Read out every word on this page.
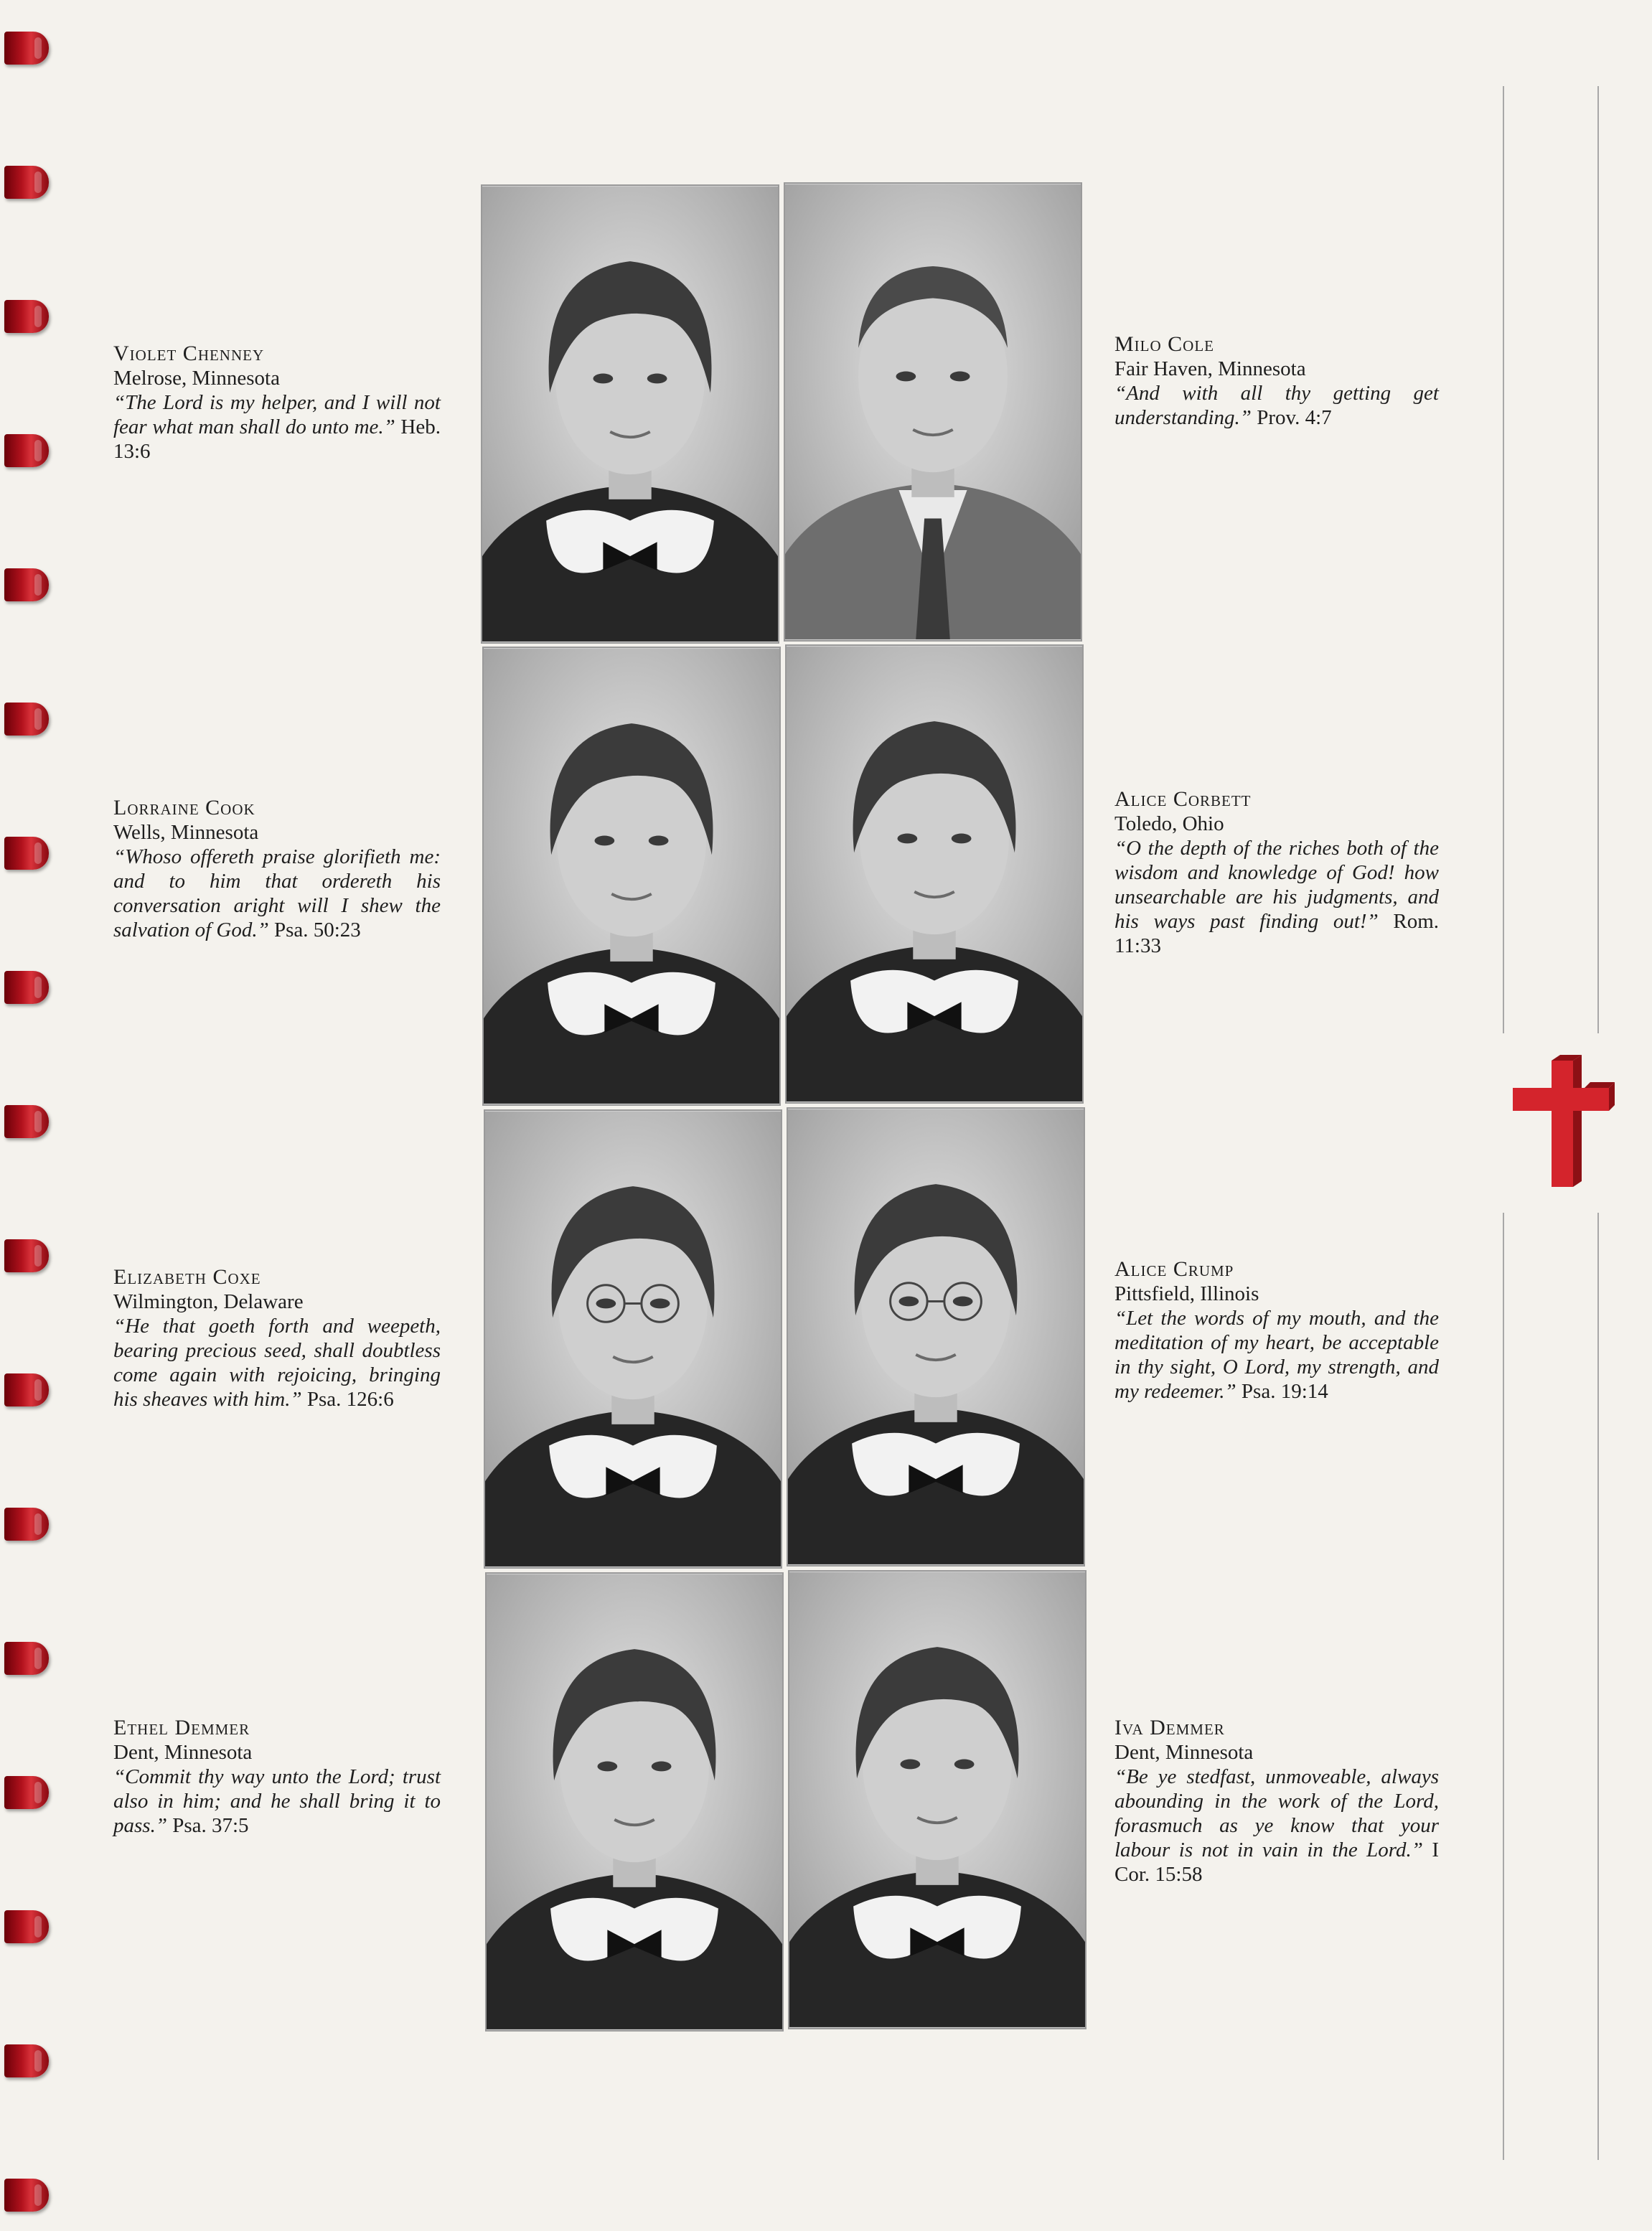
Violet Chenney
Melrose, Minnesota
“The Lord is my helper, and I will not fear what man shall do unto me.” Heb. 13:6
Milo Cole
Fair Haven, Minnesota
“And with all thy getting get understanding.” Prov. 4:7
Lorraine Cook
Wells, Minnesota
“Whoso offereth praise glorifieth me: and to him that ordereth his conversation aright will I shew the salvation of God.” Psa. 50:23
Alice Corbett
Toledo, Ohio
“O the depth of the riches both of the wisdom and knowledge of God! how unsearchable are his judgments, and his ways past finding out!” Rom. 11:33
Elizabeth Coxe
Wilmington, Delaware
“He that goeth forth and weepeth, bearing precious seed, shall doubtless come again with rejoicing, bringing his sheaves with him.” Psa. 126:6
Alice Crump
Pittsfield, Illinois
“Let the words of my mouth, and the meditation of my heart, be acceptable in thy sight, O Lord, my strength, and my redeemer.” Psa. 19:14
Ethel Demmer
Dent, Minnesota
“Commit thy way unto the Lord; trust also in him; and he shall bring it to pass.” Psa. 37:5
Iva Demmer
Dent, Minnesota
“Be ye stedfast, unmoveable, always abounding in the work of the Lord, forasmuch as ye know that your labour is not in vain in the Lord.” I Cor. 15:58
